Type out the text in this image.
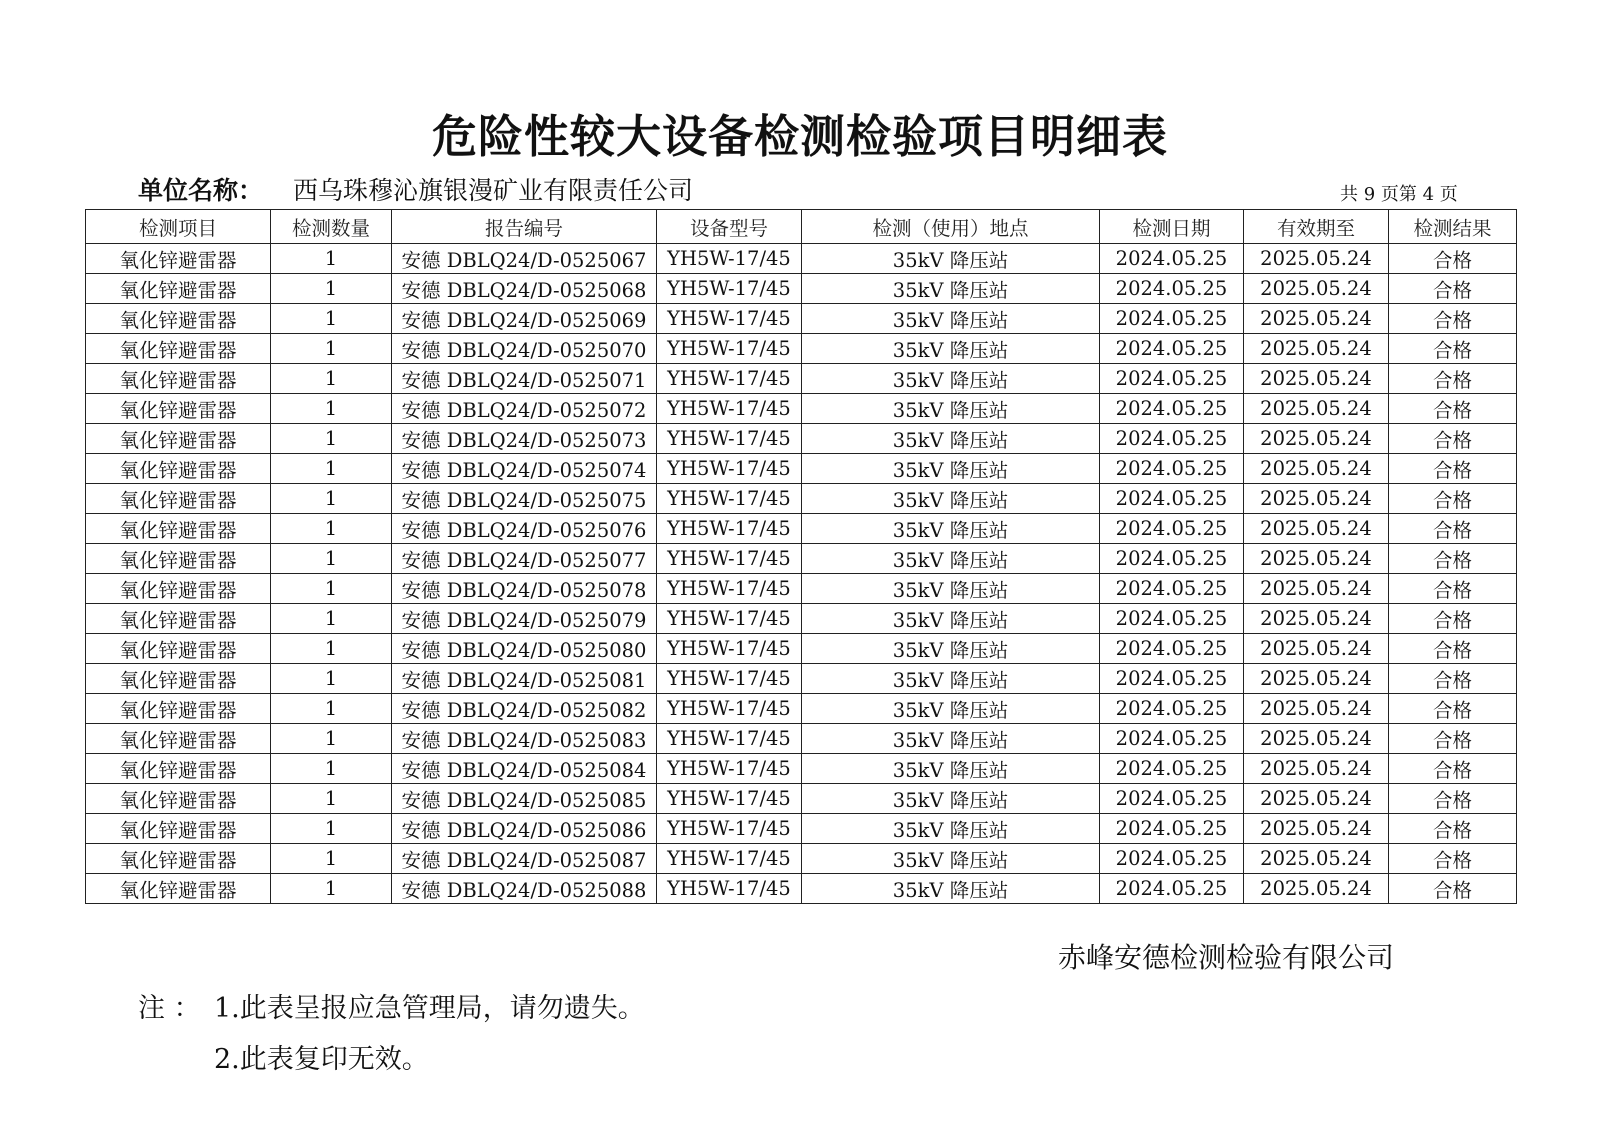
危险性较大设备检测检验项目明细表
单位名称： 西乌珠穆沁旗银漫矿业有限责任公司	共 9 页第 4 页
检测项目	检测数量	报告编号	设备型号	检测（使用）地点	检测日期	有效期至	检测结果
氧化锌避雷器	1	安德 DBLQ24/D-0525067	YH5W-17/45	35kV 降压站	2024.05.25	2025.05.24	合格
氧化锌避雷器	1	安德 DBLQ24/D-0525068	YH5W-17/45	35kV 降压站	2024.05.25	2025.05.24	合格
氧化锌避雷器	1	安德 DBLQ24/D-0525069	YH5W-17/45	35kV 降压站	2024.05.25	2025.05.24	合格
氧化锌避雷器	1	安德 DBLQ24/D-0525070	YH5W-17/45	35kV 降压站	2024.05.25	2025.05.24	合格
氧化锌避雷器	1	安德 DBLQ24/D-0525071	YH5W-17/45	35kV 降压站	2024.05.25	2025.05.24	合格
氧化锌避雷器	1	安德 DBLQ24/D-0525072	YH5W-17/45	35kV 降压站	2024.05.25	2025.05.24	合格
氧化锌避雷器	1	安德 DBLQ24/D-0525073	YH5W-17/45	35kV 降压站	2024.05.25	2025.05.24	合格
氧化锌避雷器	1	安德 DBLQ24/D-0525074	YH5W-17/45	35kV 降压站	2024.05.25	2025.05.24	合格
氧化锌避雷器	1	安德 DBLQ24/D-0525075	YH5W-17/45	35kV 降压站	2024.05.25	2025.05.24	合格
氧化锌避雷器	1	安德 DBLQ24/D-0525076	YH5W-17/45	35kV 降压站	2024.05.25	2025.05.24	合格
氧化锌避雷器	1	安德 DBLQ24/D-0525077	YH5W-17/45	35kV 降压站	2024.05.25	2025.05.24	合格
氧化锌避雷器	1	安德 DBLQ24/D-0525078	YH5W-17/45	35kV 降压站	2024.05.25	2025.05.24	合格
氧化锌避雷器	1	安德 DBLQ24/D-0525079	YH5W-17/45	35kV 降压站	2024.05.25	2025.05.24	合格
氧化锌避雷器	1	安德 DBLQ24/D-0525080	YH5W-17/45	35kV 降压站	2024.05.25	2025.05.24	合格
氧化锌避雷器	1	安德 DBLQ24/D-0525081	YH5W-17/45	35kV 降压站	2024.05.25	2025.05.24	合格
氧化锌避雷器	1	安德 DBLQ24/D-0525082	YH5W-17/45	35kV 降压站	2024.05.25	2025.05.24	合格
氧化锌避雷器	1	安德 DBLQ24/D-0525083	YH5W-17/45	35kV 降压站	2024.05.25	2025.05.24	合格
氧化锌避雷器	1	安德 DBLQ24/D-0525084	YH5W-17/45	35kV 降压站	2024.05.25	2025.05.24	合格
氧化锌避雷器	1	安德 DBLQ24/D-0525085	YH5W-17/45	35kV 降压站	2024.05.25	2025.05.24	合格
氧化锌避雷器	1	安德 DBLQ24/D-0525086	YH5W-17/45	35kV 降压站	2024.05.25	2025.05.24	合格
氧化锌避雷器	1	安德 DBLQ24/D-0525087	YH5W-17/45	35kV 降压站	2024.05.25	2025.05.24	合格
氧化锌避雷器	1	安德 DBLQ24/D-0525088	YH5W-17/45	35kV 降压站	2024.05.25	2025.05.24	合格
赤峰安德检测检验有限公司
注 ： 1.此表呈报应急管理局，请勿遗失。
2.此表复印无效。
